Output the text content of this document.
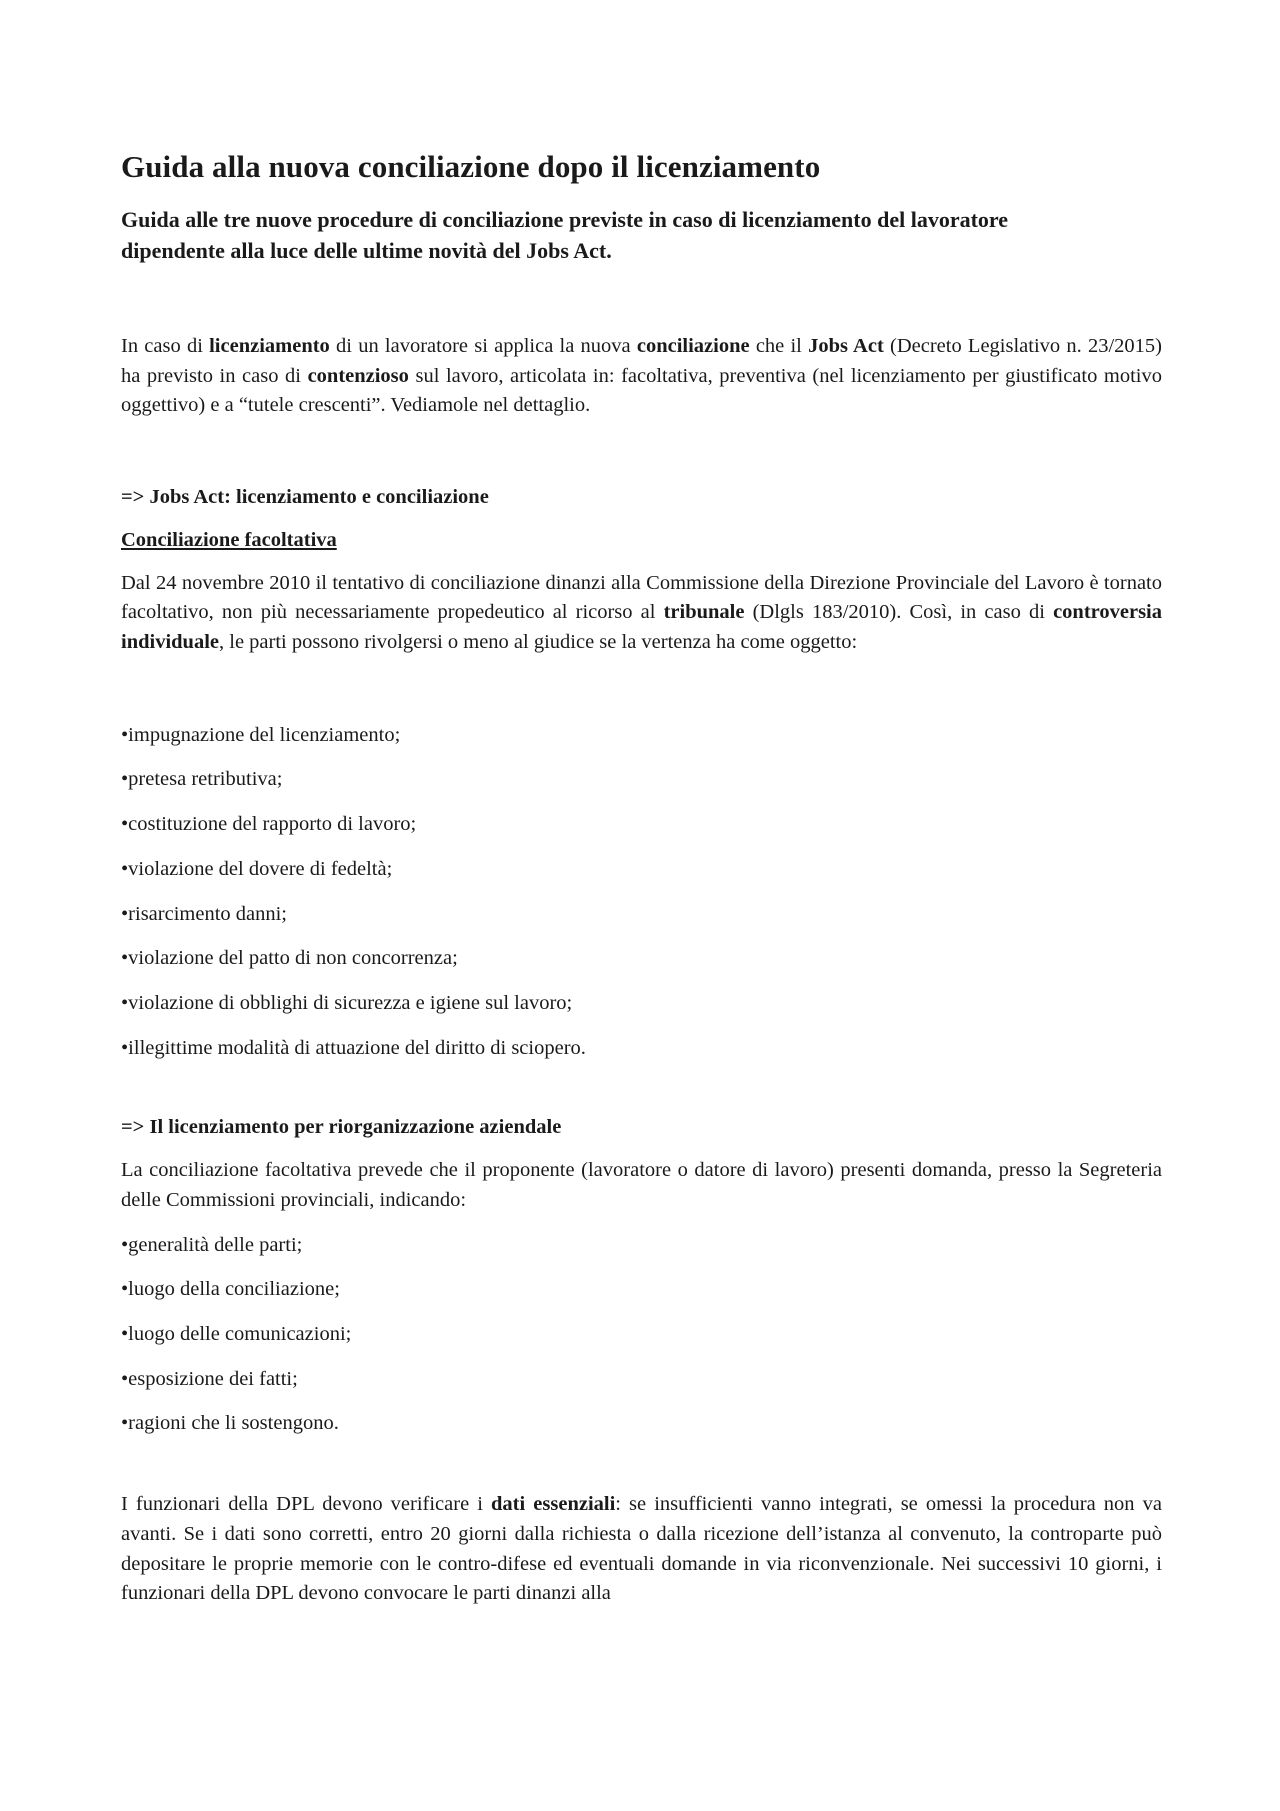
Guida alla nuova conciliazione dopo il licenziamento
Guida alle tre nuove procedure di conciliazione previste in caso di licenziamento del lavoratore dipendente alla luce delle ultime novità del Jobs Act.

In caso di licenziamento di un lavoratore si applica la nuova conciliazione che il Jobs Act (Decreto Legislativo n. 23/2015) ha previsto in caso di contenzioso sul lavoro, articolata in: facoltativa, preventiva (nel licenziamento per giustificato motivo oggettivo) e a “tutele crescenti”. Vediamole nel dettaglio.

=> Jobs Act: licenziamento e conciliazione
Conciliazione facoltativa

Dal 24 novembre 2010 il tentativo di conciliazione dinanzi alla Commissione della Direzione Provinciale del Lavoro è tornato facoltativo, non più necessariamente propedeutico al ricorso al tribunale (Dlgls 183/2010). Così, in caso di controversia individuale, le parti possono rivolgersi o meno al giudice se la vertenza ha come oggetto:

•impugnazione del licenziamento;
•pretesa retributiva;
•costituzione del rapporto di lavoro;
•violazione del dovere di fedeltà;
•risarcimento danni;
•violazione del patto di non concorrenza;
•violazione di obblighi di sicurezza e igiene sul lavoro;
•illegittime modalità di attuazione del diritto di sciopero.
=> Il licenziamento per riorganizzazione aziendale

La conciliazione facoltativa prevede che il proponente (lavoratore o datore di lavoro) presenti domanda, presso la Segreteria delle Commissioni provinciali, indicando:

•generalità delle parti;
•luogo della conciliazione;
•luogo delle comunicazioni;
•esposizione dei fatti;
•ragioni che li sostengono.

I funzionari della DPL devono verificare i dati essenziali: se insufficienti vanno integrati, se omessi la procedura non va avanti. Se i dati sono corretti, entro 20 giorni dalla richiesta o dalla ricezione dell’istanza al convenuto, la controparte può depositare le proprie memorie con le contro-difese ed eventuali domande in via riconvenzionale. Nei successivi 10 giorni, i funzionari della DPL devono convocare le parti dinanzi alla
